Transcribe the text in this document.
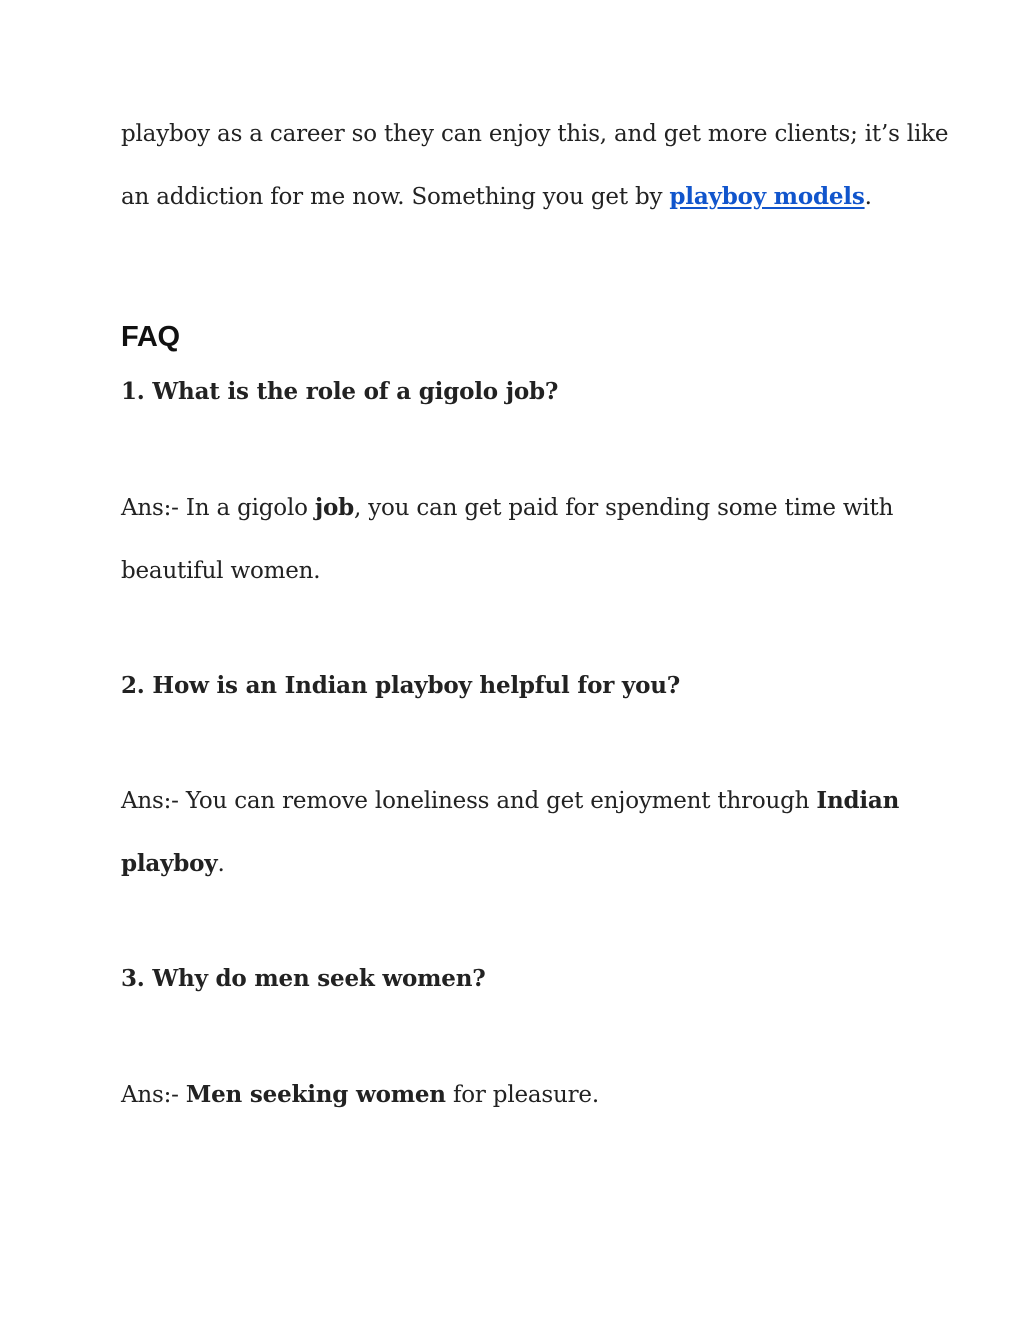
playboy as a career so they can enjoy this, and get more clients; it’s like
an addiction for me now. Something you get by playboy models.
FAQ
1. What is the role of a gigolo job?
Ans:- In a gigolo job, you can get paid for spending some time with
beautiful women.
2. How is an Indian playboy helpful for you?
Ans:- You can remove loneliness and get enjoyment through Indian
playboy.
3. Why do men seek women?
Ans:- Men seeking women for pleasure.
